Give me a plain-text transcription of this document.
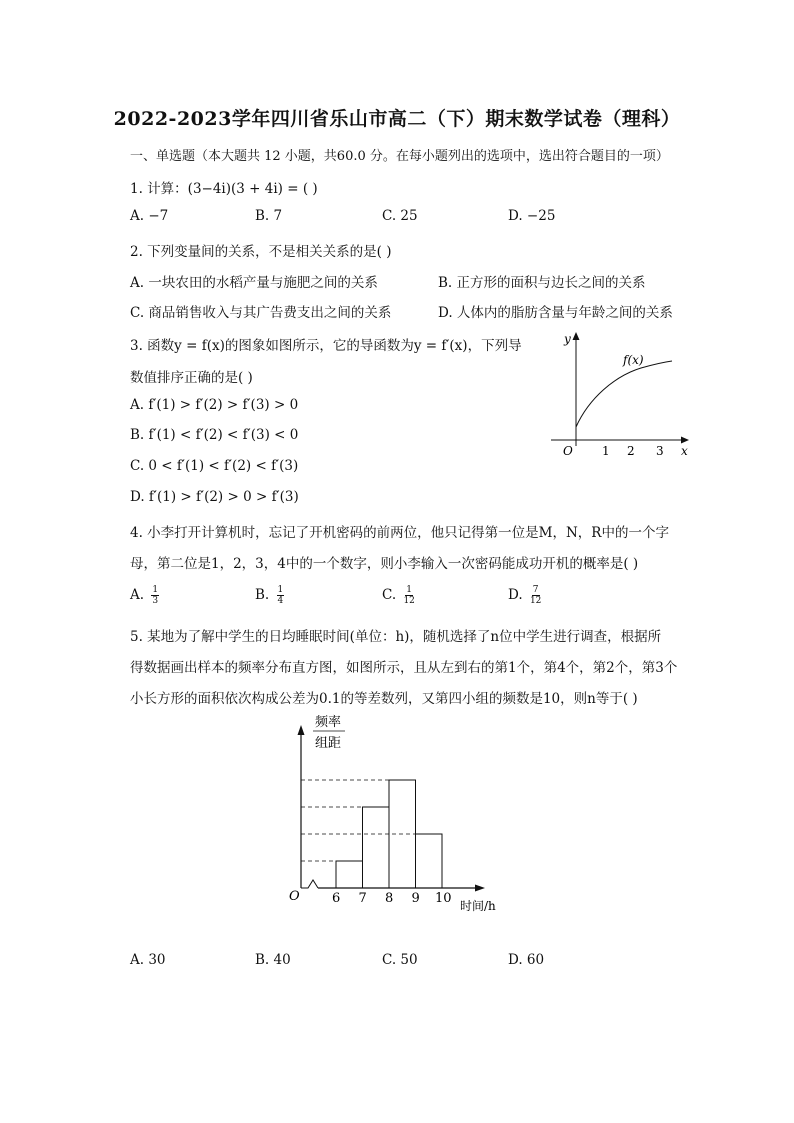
2022-2023学年四川省乐山市高二（下）期末数学试卷（理科）
一、单选题（本大题共 12 小题，共60.0 分。在每小题列出的选项中，选出符合题目的一项）
1. 计算：(3−4i)(3 + 4i) = ( )
A. −7	B. 7	C. 25	D. −25
2. 下列变量间的关系，不是相关关系的是( )
A. 一块农田的水稻产量与施肥之间的关系	B. 正方形的面积与边长之间的关系
C. 商品销售收入与其广告费支出之间的关系	D. 人体内的脂肪含量与年龄之间的关系
3. 函数y = f(x)的图象如图所示，它的导函数为y = f′(x)，下列导
数值排序正确的是( )
A. f′(1) > f′(2) > f′(3) > 0
B. f′(1) < f′(2) < f′(3) < 0
C. 0 < f′(1) < f′(2) < f′(3)
D. f′(1) > f′(2) > 0 > f′(3)
y
x
O 1 2 3
f(x)
4. 小李打开计算机时，忘记了开机密码的前两位，他只记得第一位是M，N，R中的一个字
母，第二位是1，2，3，4中的一个数字，则小李输入一次密码能成功开机的概率是( )
A. $\frac{1}{3}$	B. $\frac{1}{4}$	C. $\frac{1}{12}$	D. $\frac{7}{12}$
5. 某地为了解中学生的日均睡眠时间(单位：h)，随机选择了n位中学生进行调查，根据所
得数据画出样本的频率分布直方图，如图所示，且从左到右的第1个，第4个，第2个，第3个
小长方形的面积依次构成公差为0.1的等差数列，又第四小组的频数是10，则n等于( )
频率
组距
O
时间/h
6 7 8 9 10
A. 30	B. 40	C. 50	D. 60
